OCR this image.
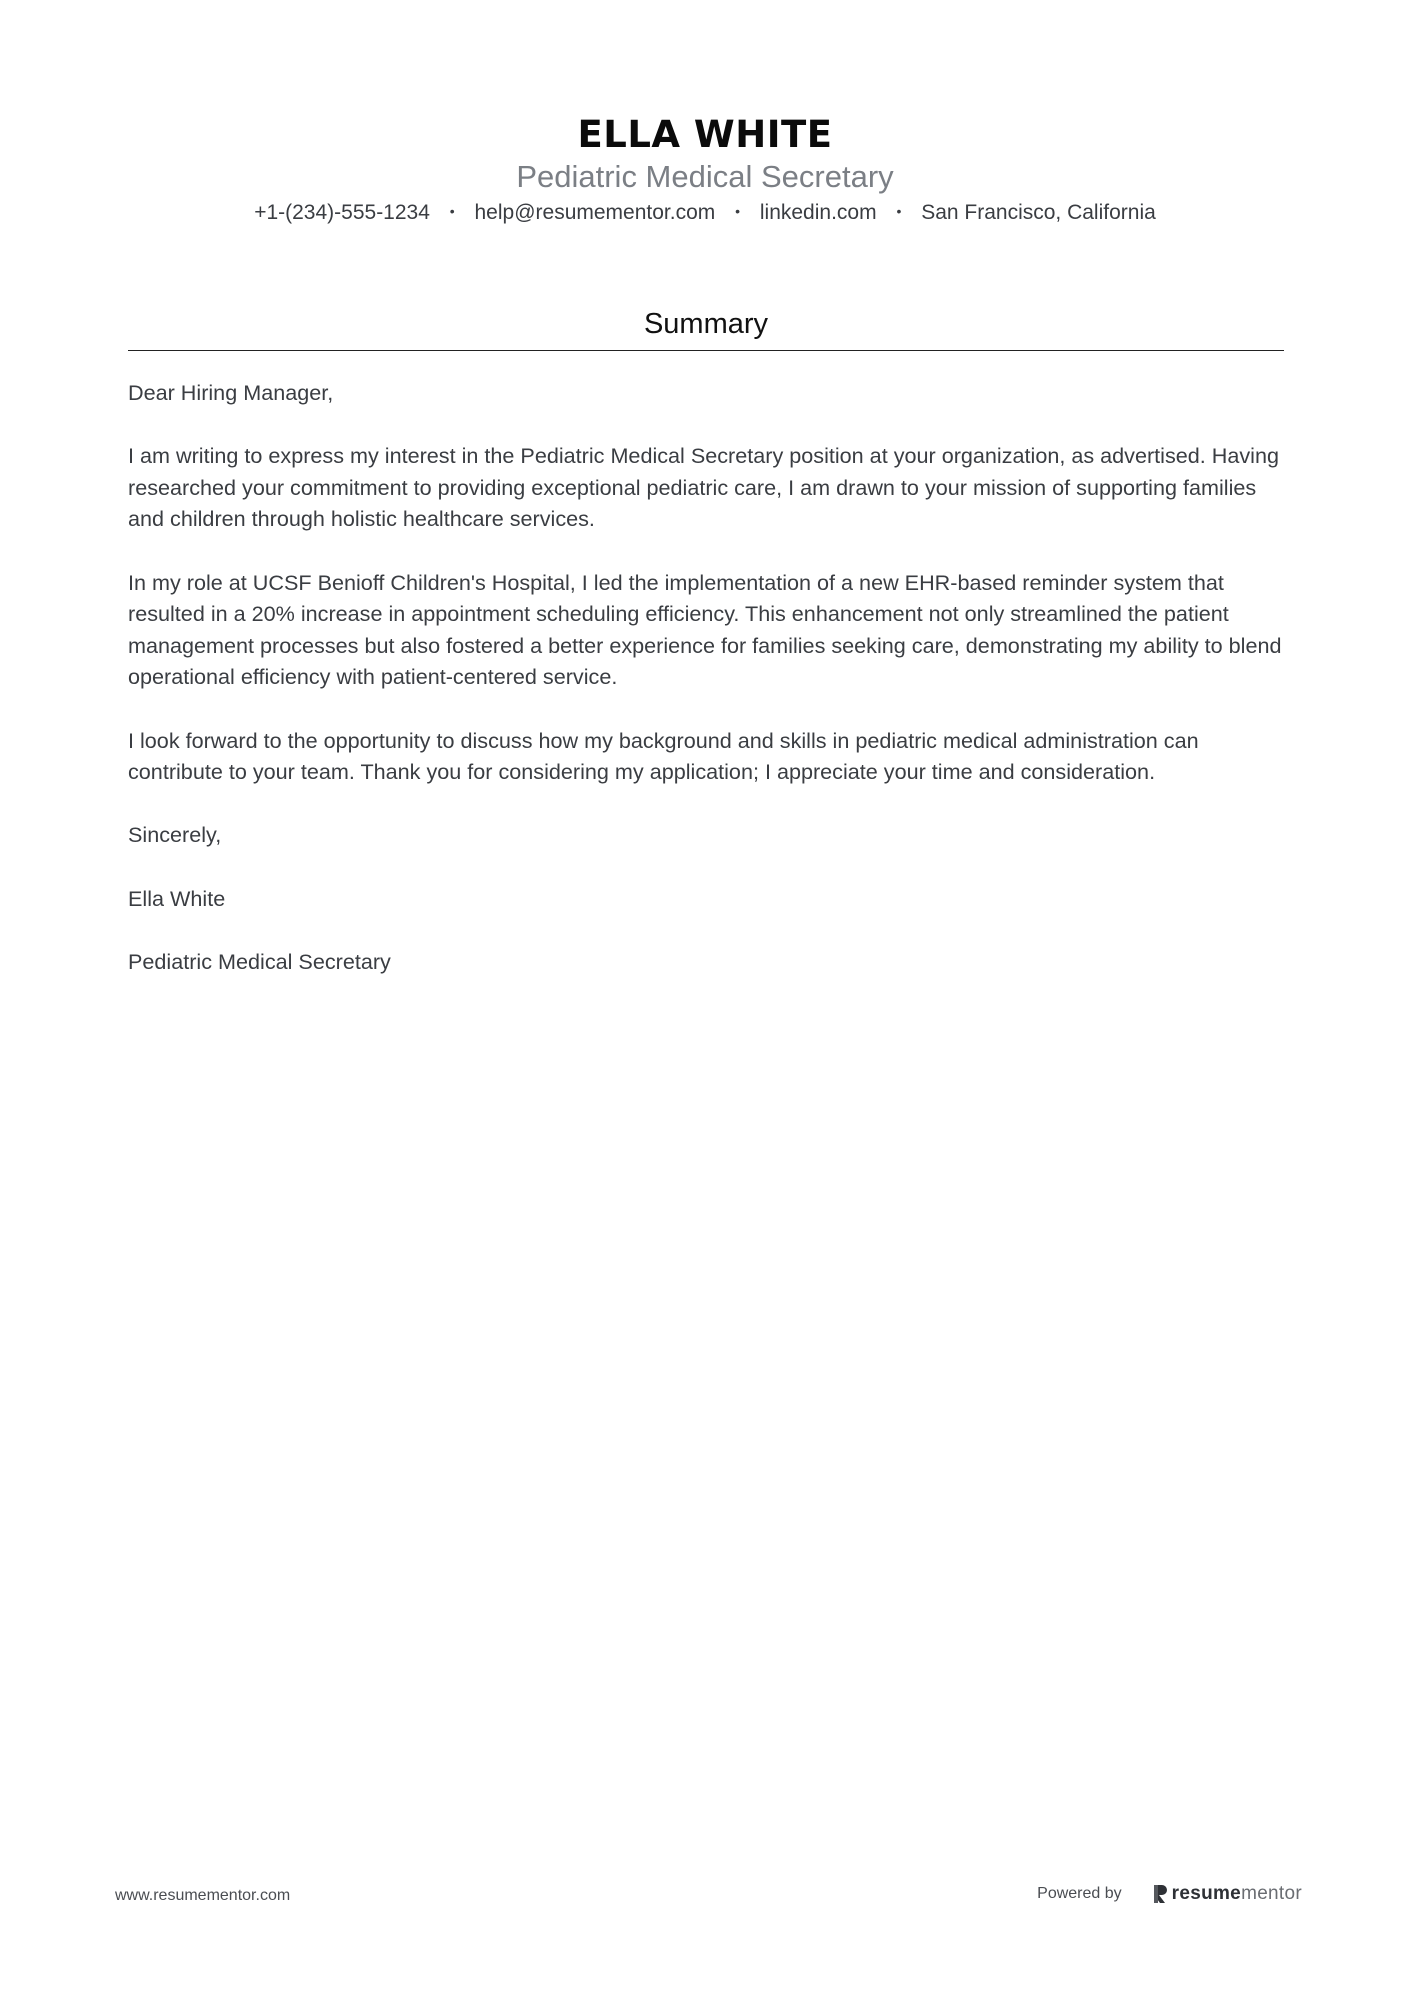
ELLA WHITE
Pediatric Medical Secretary
+1-(234)-555-1234 • help@resumementor.com • linkedin.com • San Francisco, California
Summary

Dear Hiring Manager,

I am writing to express my interest in the Pediatric Medical Secretary position at your organization, as advertised. Having researched your commitment to providing exceptional pediatric care, I am drawn to your mission of supporting families and children through holistic healthcare services.

In my role at UCSF Benioff Children's Hospital, I led the implementation of a new EHR-based reminder system that resulted in a 20% increase in appointment scheduling efficiency. This enhancement not only streamlined the patient management processes but also fostered a better experience for families seeking care, demonstrating my ability to blend operational efficiency with patient-centered service.

I look forward to the opportunity to discuss how my background and skills in pediatric medical administration can contribute to your team. Thank you for considering my application; I appreciate your time and consideration.

Sincerely,

Ella White

Pediatric Medical Secretary

www.resumementor.com	Powered by	resumementor
